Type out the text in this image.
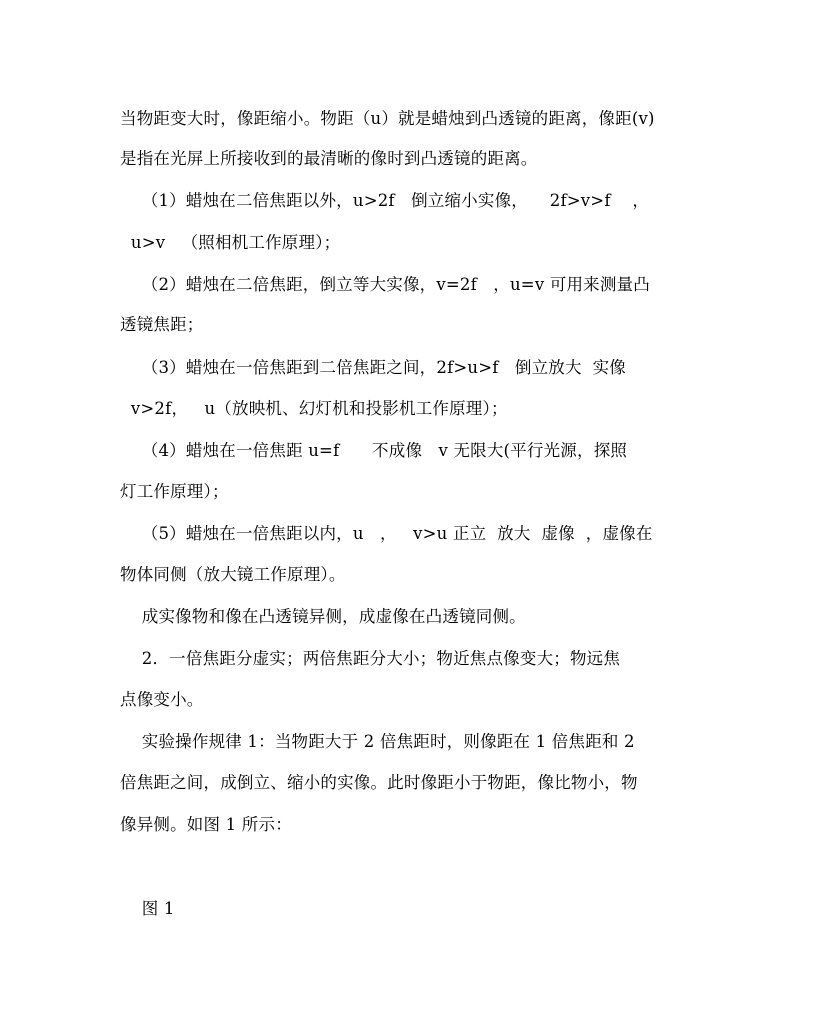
当物距变大时，像距缩小。物距（u）就是蜡烛到凸透镜的距离，像距(v)
是指在光屏上所接收到的最清晰的像时到凸透镜的距离。
（1）蜡烛在二倍焦距以外，u>2f   倒立缩小实像，    2f>v>f    ，
u>v   （照相机工作原理）；
（2）蜡烛在二倍焦距，倒立等大实像，v=2f   ，u=v 可用来测量凸
透镜焦距；
（3）蜡烛在一倍焦距到二倍焦距之间，2f>u>f   倒立放大  实像
v>2f，   u（放映机、幻灯机和投影机工作原理）；
（4）蜡烛在一倍焦距 u=f      不成像   v 无限大(平行光源，探照
灯工作原理）；
（5）蜡烛在一倍焦距以内，u   ，   v>u 正立  放大  虚像  ，虚像在
物体同侧（放大镜工作原理）。
成实像物和像在凸透镜异侧，成虚像在凸透镜同侧。
2．一倍焦距分虚实；两倍焦距分大小；物近焦点像变大；物远焦
点像变小。
实验操作规律 1：当物距大于 2 倍焦距时，则像距在 1 倍焦距和 2
倍焦距之间，成倒立、缩小的实像。此时像距小于物距，像比物小，物
像异侧。如图 1 所示：
图 1
